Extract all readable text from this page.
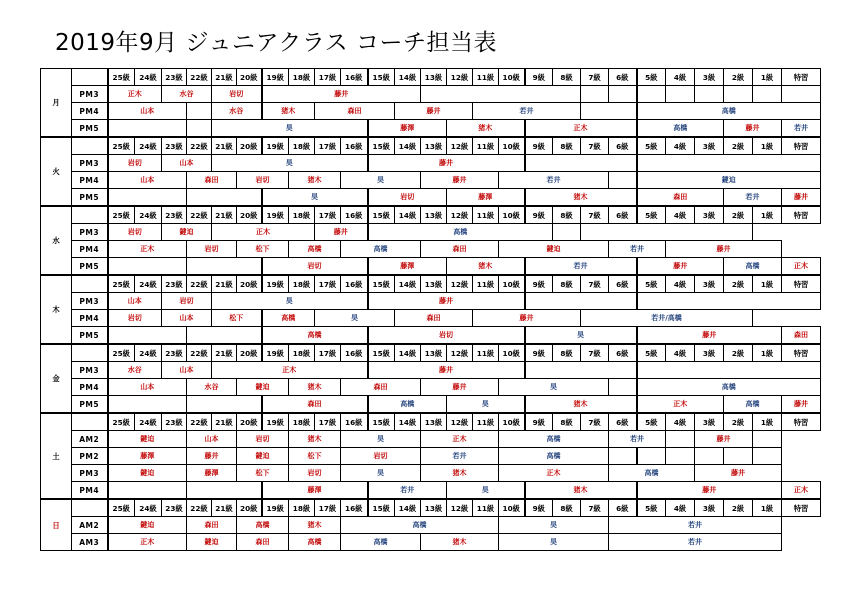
2019年9月 ジュニアクラス コーチ担当表
月		25級	24級	23級	22級	21級	20級	19級	18級	17級	16級	15級	14級	13級	12級	11級	10級	9級	8級	7級	6級	5級	4級	3級	2級	1級	特習
	PM3	正木		水谷		岩切		藤井																			
	PM4	山本				水谷		猪木		森田			藤井			若井						高橋					
	PM5					昊						藤澤			猪木			正木				高橋			藤井		若井
火		25級	24級	23級	22級	21級	20級	19級	18級	17級	16級	15級	14級	13級	12級	11級	10級	9級	8級	7級	6級	5級	4級	3級	2級	1級	特習
	PM3	岩切		山本		昊						藤井															
	PM4	山本			森田		岩切		猪木		昊			藤井			若井					鍵迫					
	PM5							昊				岩切			藤澤			猪木				森田			若井		藤井
水		25級	24級	23級	22級	21級	20級	19級	18級	17級	16級	15級	14級	13級	12級	11級	10級	9級	8級	7級	6級	5級	4級	3級	2級	1級	特習
	PM3	岩切		鍵迫		正木				藤井		高橋															
	PM4	正木			岩切		松下		高橋		高橋			森田			鍵迫				若井		藤井				
	PM5							岩切				藤澤			猪木			若井				藤井			高橋		正木
木		25級	24級	23級	22級	21級	20級	19級	18級	17級	16級	15級	14級	13級	12級	11級	10級	9級	8級	7級	6級	5級	4級	3級	2級	1級	特習
	PM3	山本		岩切		昊						藤井															
	PM4	岩切		山本		松下		高橋		昊			森田			藤井				若井/高橋							
	PM5							高橋				岩切						昊				藤井					森田
金		25級	24級	23級	22級	21級	20級	19級	18級	17級	16級	15級	14級	13級	12級	11級	10級	9級	8級	7級	6級	5級	4級	3級	2級	1級	特習
	PM3	水谷		山本		正木						藤井															
	PM4	山本			水谷		鍵迫		猪木		森田			藤井			昊					高橋					
	PM5							森田				高橋			昊			猪木				正木			高橋		藤井
土		25級	24級	23級	22級	21級	20級	19級	18級	17級	16級	15級	14級	13級	12級	11級	10級	9級	8級	7級	6級	5級	4級	3級	2級	1級	特習
	AM2	鍵迫			山本		岩切		猪木		昊			正木			高橋				若井			藤井			
	PM2	藤澤			藤井		鍵迫		松下		岩切			若井			高橋										
	PM3	鍵迫			藤澤		松下		岩切		昊			猪木			正木				高橋			藤井			
	PM4							藤澤				若井			昊			猪木				藤井					正木
日		25級	24級	23級	22級	21級	20級	19級	18級	17級	16級	15級	14級	13級	12級	11級	10級	9級	8級	7級	6級	5級	4級	3級	2級	1級	特習
	AM2	鍵迫			森田		高橋		猪木		高橋						昊				若井						
	AM3	正木			鍵迫		森田		高橋		高橋			猪木			昊				若井						
